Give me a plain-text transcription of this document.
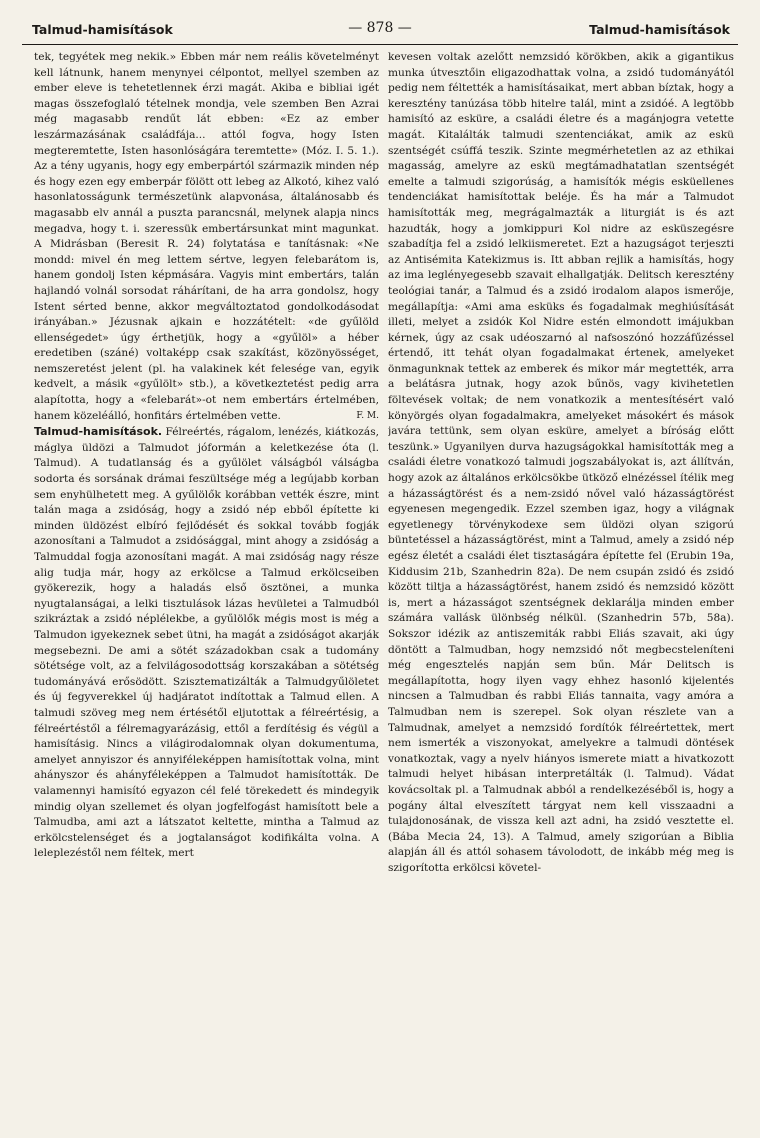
Talmud-hamisítások	— 878 —	Talmud-hamisítások

tek, tegyétek meg nekik.» Ebben már nem reális követelményt kell látnunk, hanem menynyei célpontot, mellyel szemben az ember eleve is tehetetlennek érzi magát. Akiba e bibliai igét magas összefoglaló tételnek mondja, vele szemben Ben Azrai még magasabb rendűt lát ebben: «Ez az ember leszármazásának családfája... attól fogva, hogy Isten megteremtette, Isten hasonlóságára teremtette» (Móz. I. 5. 1.). Az a tény ugyanis, hogy egy emberpártól származik minden nép és hogy ezen egy emberpár fölött ott lebeg az Alkotó, kihez való hasonlatosságunk természetünk alapvonása, általánosabb és magasabb elv annál a puszta parancsnál, melynek alapja nincs megadva, hogy t. i. szeressük embertársunkat mint magunkat. A Midrásban (Beresit R. 24) folytatása e tanításnak: «Ne mondd: mivel én meg lettem sértve, legyen felebarátom is, hanem gondolj Isten képmására. Vagyis mint embertárs, talán hajlandó volnál sorsodat ráhárítani, de ha arra gondolsz, hogy Istent sérted benne, akkor megváltoztatod gondolkodásodat irányában.» Jézusnak ajkain e hozzátételt: «de gyűlöld ellenségedet» úgy érthetjük, hogy a «gyűlöl» a héber eredetiben (száné) voltaképp csak szakítást, közönyösséget, nemszeretést jelent (pl. ha valakinek két felesége van, egyik kedvelt, a másik «gyűlölt» stb.), a következtetést pedig arra alapította, hogy a «felebarát»-ot nem embertárs értelmében, hanem közeléálló, honfitárs értelmében vette.	F. M.

Talmud-hamisítások. Félreértés, rágalom, lenézés, kiátkozás, máglya üldözi a Talmudot jóformán a keletkezése óta (l. Talmud). A tudatlanság és a gyűlölet válságból válságba sodorta és sorsának drámai feszültsége még a legújabb korban sem enyhülhetett meg. A gyűlölők korábban vették észre, mint talán maga a zsidóság, hogy a zsidó nép ebből építette ki minden üldözést elbíró fejlődését és sokkal tovább fogják azonosítani a Talmudot a zsidósággal, mint ahogy a zsidóság a Talmuddal fogja azonosítani magát. A mai zsidóság nagy része alig tudja már, hogy az erkölcse a Talmud erkölcseiben gyökerezik, hogy a haladás első ösztönei, a munka nyugtalanságai, a lelki tisztulások lázas hevületei a Talmudból szikráztak a zsidó néplélekbe, a gyűlölők mégis most is még a Talmudon igyekeznek sebet ütni, ha magát a zsidóságot akarják megsebezni. De ami a sötét századokban csak a tudomány sötétsége volt, az a felvilágosodottság korszakában a sötétség tudományává erősödött. Szisztematizálták a Talmudgyűlöletet és új fegyverekkel új hadjáratot indítottak a Talmud ellen. A talmudi szöveg meg nem értésétől eljutottak a félreértésig, a félreértéstől a félremagyarázásig, ettől a ferdítésig és végül a hamisításig. Nincs a világirodalomnak olyan dokumentuma, amelyet annyiszor és annyiféleképpen hamisítottak volna, mint ahányszor és ahányféleképpen a Talmudot hamisították. De valamennyi hamisító egyazon cél felé törekedett és mindegyik mindig olyan szellemet és olyan jogfelfogást hamisított bele a Talmudba, ami azt a látszatot keltette, mintha a Talmud az erkölcstelenséget és a jogtalanságot kodifikálta volna. A leleplezéstől nem féltek, mert

kevesen voltak azelőtt nemzsidó körökben, akik a gigantikus munka útvesztőin eligazodhattak volna, a zsidó tudományától pedig nem féltették a hamisításaikat, mert abban bíztak, hogy a keresztény tanúzása több hitelre talál, mint a zsidóé. A legtöbb hamisító az esküre, a családi életre és a magánjogra vetette magát. Kitalálták talmudi szentenciákat, amik az eskü szentségét csúffá teszik. Szinte megmérhetetlen az az ethikai magasság, amelyre az eskü megtámadhatatlan szentségét emelte a talmudi szigorúság, a hamisítók mégis esküellenes tendenciákat hamisítottak beléje. És ha már a Talmudot hamisították meg, megrágalmazták a liturgiát is és azt hazudták, hogy a jomkippuri Kol nidre az esküszegésre szabadítja fel a zsidó lelkiismeretet. Ezt a hazugságot terjeszti az Antisémita Katekizmus is. Itt abban rejlik a hamisítás, hogy az ima leglényegesebb szavait elhallgatják. Delitsch keresztény teológiai tanár, a Talmud és a zsidó irodalom alapos ismerője, megállapítja: «Ami ama esküks és fogadalmak meghiúsítását illeti, melyet a zsidók Kol Nidre estén elmondott imájukban kérnek, úgy az csak udéoszarnó al nafsoszónó hozzáfűzéssel értendő, itt tehát olyan fogadalmakat értenek, amelyeket önmagunknak tettek az emberek és mikor már megtették, arra a belátásra jutnak, hogy azok bűnös, vagy kivihetetlen föltevések voltak; de nem vonatkozik a mentesítésért való könyörgés olyan fogadalmakra, amelyeket másokért és mások javára tettünk, sem olyan esküre, amelyet a bíróság előtt teszünk.» Ugyanilyen durva hazugságokkal hamisították meg a családi életre vonatkozó talmudi jogszabályokat is, azt állítván, hogy azok az általános erkölcsökbe ütköző elnézéssel ítélik meg a házasságtörést és a nem-zsidó nővel való házasságtörést egyenesen megengedik. Ezzel szemben igaz, hogy a világnak egyetlenegy törvénykodexe sem üldözi olyan szigorú büntetéssel a házasságtörést, mint a Talmud, amely a zsidó nép egész életét a családi élet tisztaságára építette fel (Erubin 19a, Kiddusim 21b, Szanhedrin 82a). De nem csupán zsidó és zsidó között tiltja a házasságtörést, hanem zsidó és nemzsidó között is, mert a házasságot szentségnek deklarálja minden ember számára vallásk ülönbség nélkül. (Szanhedrin 57b, 58a). Sokszor idézik az antiszemiták rabbi Eliás szavait, aki úgy döntött a Talmudban, hogy nemzsidó nőt megbecsteleníteni még engesztelés napján sem bűn. Már Delitsch is megállapította, hogy ilyen vagy ehhez hasonló kijelentés nincsen a Talmudban és rabbi Eliás tannaita, vagy amóra a Talmudban nem is szerepel. Sok olyan részlete van a Talmudnak, amelyet a nemzsidó fordítók félreértettek, mert nem ismerték a viszonyokat, amelyekre a talmudi döntések vonatkoztak, vagy a nyelv hiányos ismerete miatt a hivatkozott talmudi helyet hibásan interpretálták (l. Talmud). Vádat kovácsoltak pl. a Talmudnak abból a rendelkezéséből is, hogy a pogány által elveszített tárgyat nem kell visszaadni a tulajdonosának, de vissza kell azt adni, ha zsidó vesztette el. (Bába Mecia 24, 13). A Talmud, amely szigorúan a Biblia alapján áll és attól sohasem távolodott, de inkább még meg is szigorította erkölcsi követel-
